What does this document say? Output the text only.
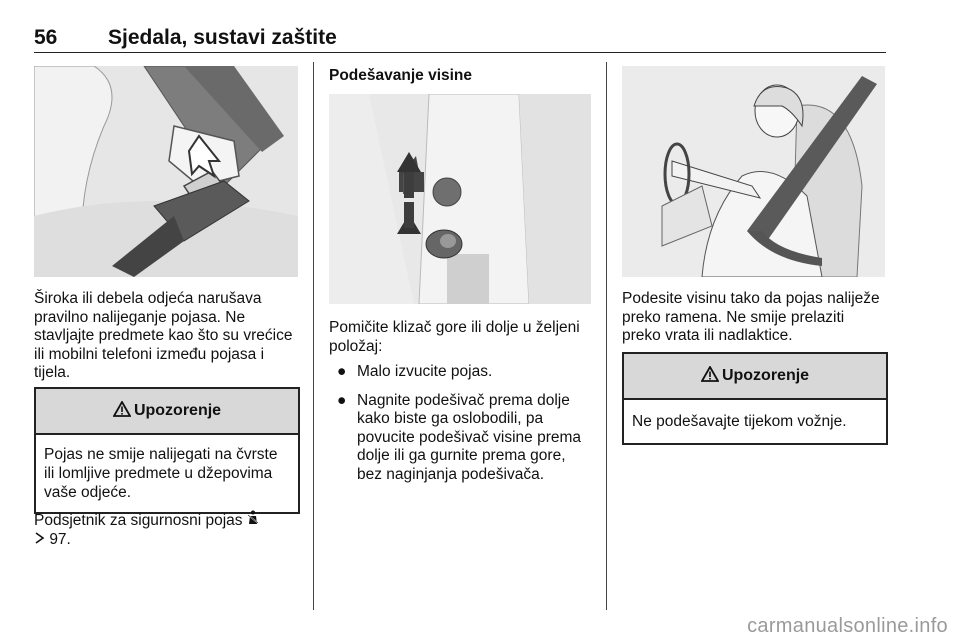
56 Sjedala, sustavi zaštite

Široka ili debela odjeća narušava

pravilno nalijeganje pojasa. Ne

stavljajte predmete kao što su vrećice

ili mobilni telefoni između pojasa i

tijela.

Upozorenje
Pojas ne smije nalijegati na čvrste
ili lomljive predmete u džepovima
vaše odjeće.

Podsjetnik za sigurnosni pojas

97.

Podešavanje visine

Pomičite klizač gore ili dolje u željeni

položaj:

● Malo izvucite pojas.
● Nagnite podešivač prema dolje
kako biste ga oslobodili, pa
povucite podešivač visine prema
dolje ili ga gurnite prema gore,
bez naginjanja podešivača.

Podesite visinu tako da pojas naliježe

preko ramena. Ne smije prelaziti

preko vrata ili nadlaktice.

Upozorenje
Ne podešavajte tijekom vožnje.
carmanualsonline.info
